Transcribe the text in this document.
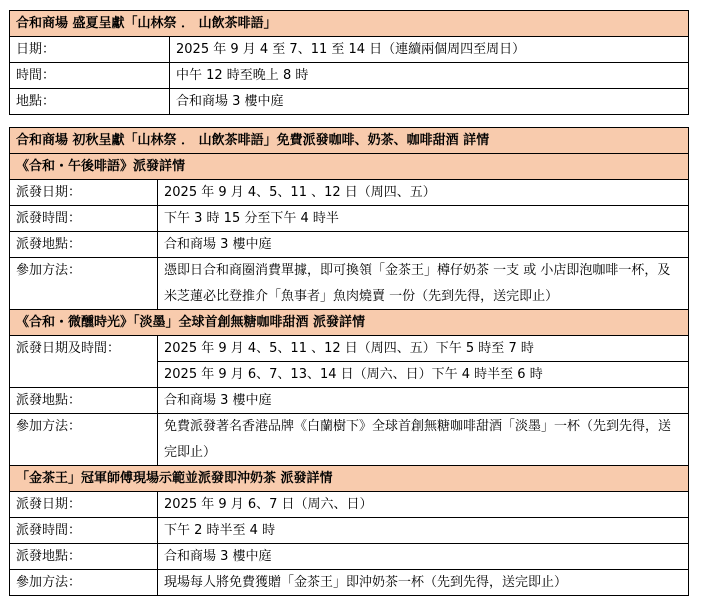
合和商場 盛夏呈獻「山林祭 ． 山飲茶啡語」	
日期：	2025 年 9 月 4 至 7、11 至 14 日（連續兩個周四至周日）
時間：	中午 12 時至晚上 8 時
地點：	合和商場 3 樓中庭
合和商場 初秋呈獻「山林祭 ． 山飲茶啡語」免費派發咖啡、奶茶、咖啡甜酒 詳情	
《合和・午後啡語》派發詳情	
派發日期：	2025 年 9 月 4、5、11 、12 日（周四、五）
派發時間：	下午 3 時 15 分至下午 4 時半
派發地點：	合和商場 3 樓中庭
參加方法：	憑即日合和商圈消費單據，即可換領「金茶王」樽仔奶茶 一支 或 小店即泡咖啡一杯，及米芝蓮必比登推介「魚事者」魚肉燒賣 一份（先到先得，送完即止）
《合和・微醺時光》「淡墨」全球首創無糖咖啡甜酒 派發詳情	
派發日期及時間：	2025 年 9 月 4、5、11 、12 日（周四、五）下午 5 時至 7 時
	2025 年 9 月 6、7、13、14 日（周六、日）下午 4 時半至 6 時
派發地點：	合和商場 3 樓中庭
參加方法：	免費派發著名香港品牌《白蘭樹下》全球首創無糖咖啡甜酒「淡墨」一杯（先到先得，送完即止）
「金茶王」冠軍師傅現場示範並派發即沖奶茶 派發詳情	
派發日期：	2025 年 9 月 6、7 日（周六、日）
派發時間：	下午 2 時半至 4 時
派發地點：	合和商場 3 樓中庭
參加方法：	現場每人將免費獲贈「金茶王」即沖奶茶一杯（先到先得，送完即止）
